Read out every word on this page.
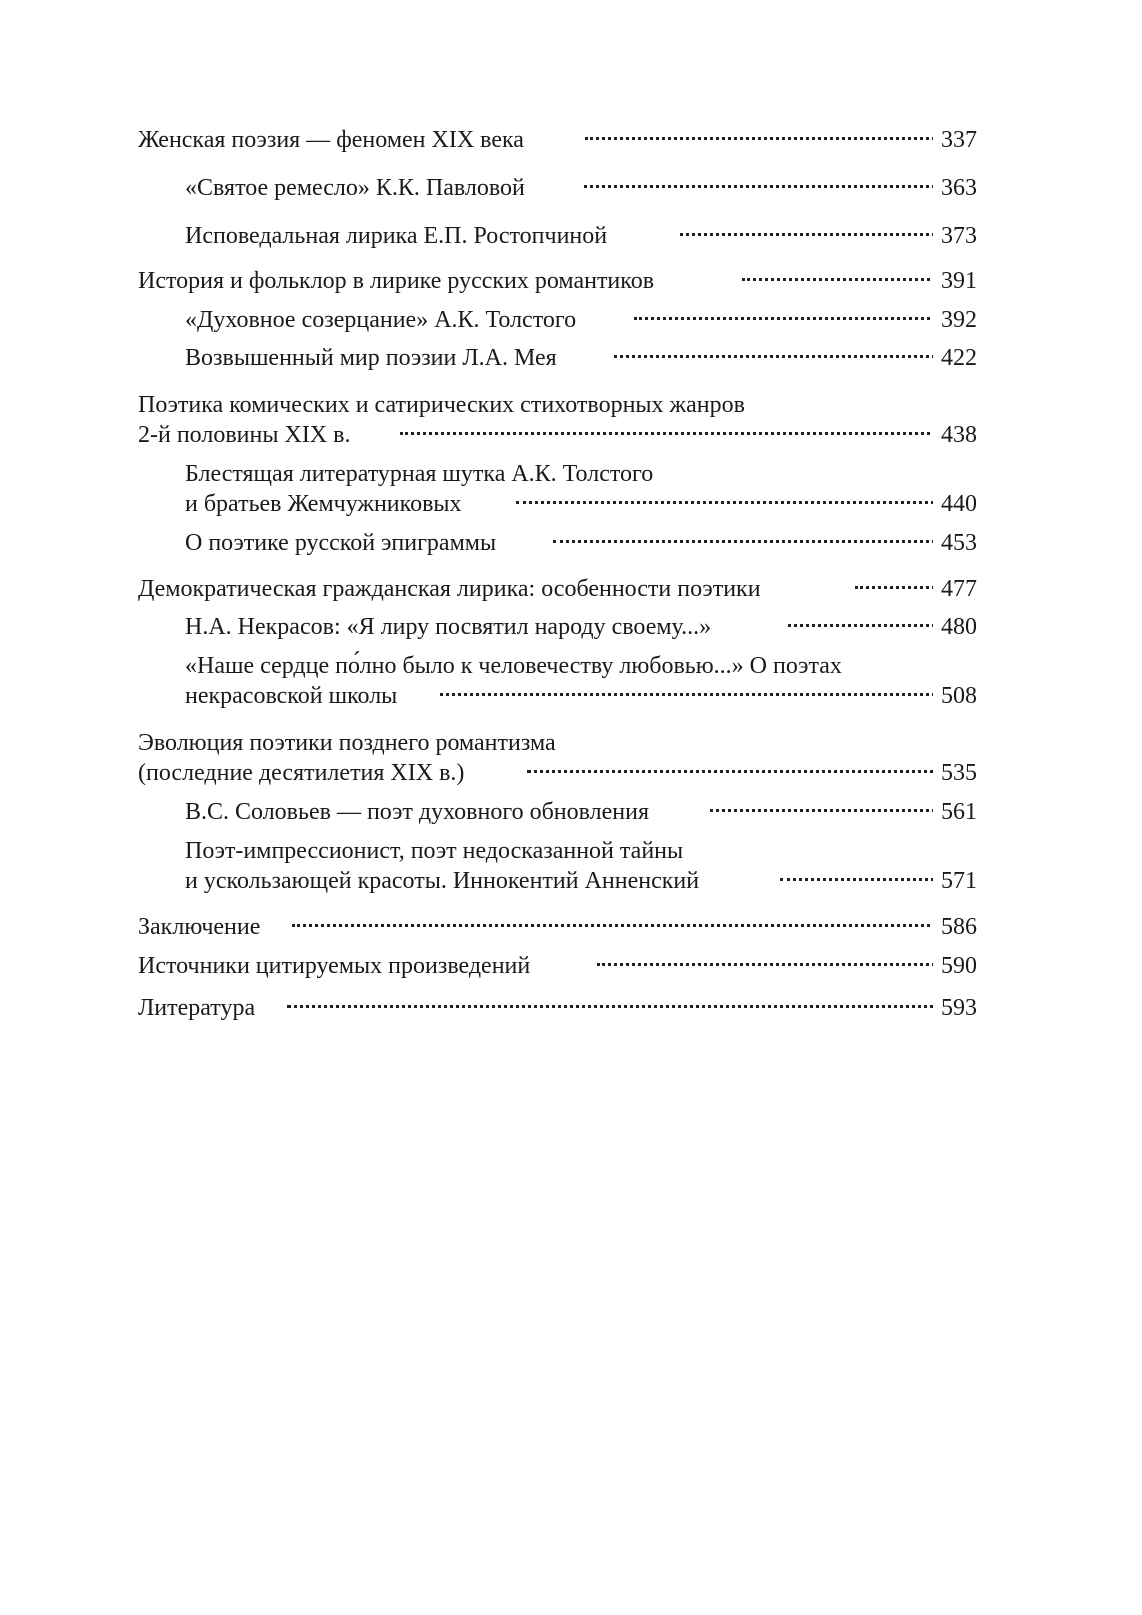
Женская поэзия — феномен XIX века	337
«Святое ремесло» К.К. Павловой	363
Исповедальная лирика Е.П. Ростопчиной	373
История и фольклор в лирике русских романтиков	391
«Духовное созерцание» А.К. Толстого	392
Возвышенный мир поэзии Л.А. Мея	422
Поэтика комических и сатирических стихотворных жанров
2-й половины XIX в.	438
Блестящая литературная шутка А.К. Толстого
и братьев Жемчужниковых	440
О поэтике русской эпиграммы	453
Демократическая гражданская лирика: особенности поэтики	477
Н.А. Некрасов: «Я лиру посвятил народу своему...»	480
«Наше сердце по́лно было к человечеству любовью...» О поэтах
некрасовской школы	508
Эволюция поэтики позднего романтизма
(последние десятилетия XIX в.)	535
В.С. Соловьев — поэт духовного обновления	561
Поэт-импрессионист, поэт недосказанной тайны
и ускользающей красоты. Иннокентий Анненский	571
Заключение	586
Источники цитируемых произведений	590
Литература	593
